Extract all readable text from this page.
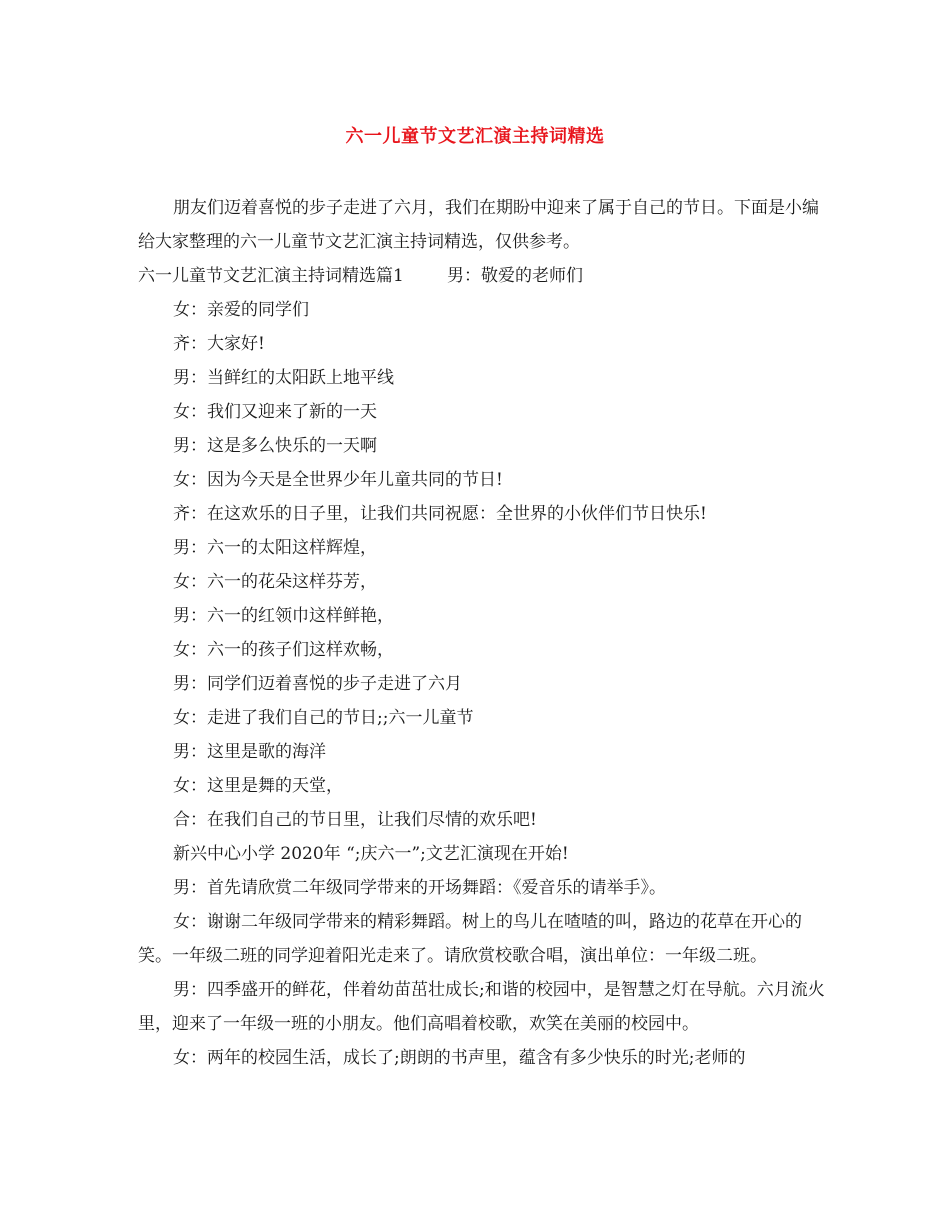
六一儿童节文艺汇演主持词精选

朋友们迈着喜悦的步子走进了六月，我们在期盼中迎来了属于自己的节日。下面是小编给大家整理的六一儿童节文艺汇演主持词精选，仅供参考。

六一儿童节文艺汇演主持词精选篇1        男：敬爱的老师们

女：亲爱的同学们

齐：大家好!

男：当鲜红的太阳跃上地平线

女：我们又迎来了新的一天

男：这是多么快乐的一天啊

女：因为今天是全世界少年儿童共同的节日!

齐：在这欢乐的日子里，让我们共同祝愿：全世界的小伙伴们节日快乐!

男：六一的太阳这样辉煌，

女：六一的花朵这样芬芳，

男：六一的红领巾这样鲜艳，

女：六一的孩子们这样欢畅，

男：同学们迈着喜悦的步子走进了六月

女：走进了我们自己的节日;;六一儿童节

男：这里是歌的海洋

女：这里是舞的天堂，

合：在我们自己的节日里，让我们尽情的欢乐吧!

新兴中心小学 2020年 “;庆六一”;文艺汇演现在开始!

男：首先请欣赏二年级同学带来的开场舞蹈：《爱音乐的请举手》。

女：谢谢二年级同学带来的精彩舞蹈。树上的鸟儿在喳喳的叫，路边的花草在开心的笑。一年级二班的同学迎着阳光走来了。请欣赏校歌合唱，演出单位：一年级二班。

男：四季盛开的鲜花，伴着幼苗茁壮成长;和谐的校园中，是智慧之灯在导航。六月流火里，迎来了一年级一班的小朋友。他们高唱着校歌，欢笑在美丽的校园中。

女：两年的校园生活，成长了;朗朗的书声里，蕴含有多少快乐的时光;老师的
